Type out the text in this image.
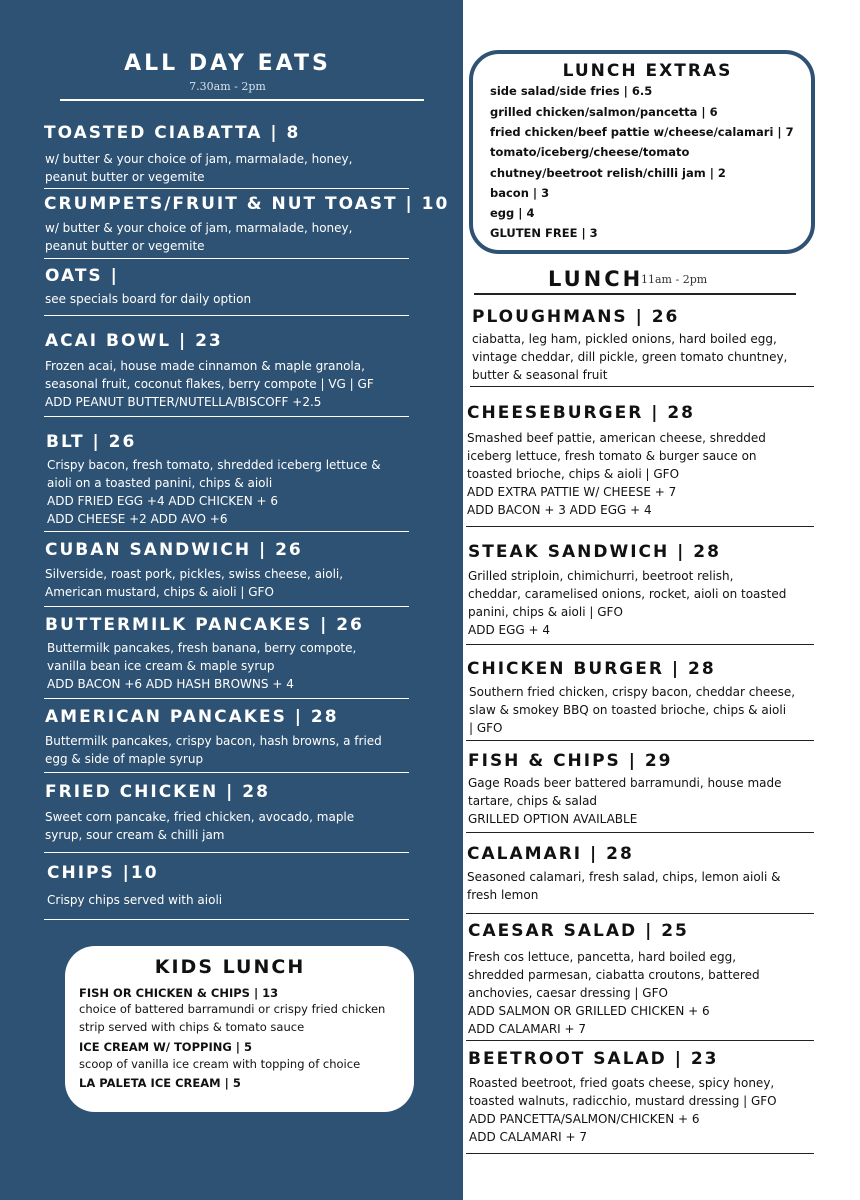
ALL DAY EATS
7.30am - 2pm
TOASTED CIABATTA | 8
w/ butter & your choice of jam, marmalade, honey,
peanut butter or vegemite
CRUMPETS/FRUIT & NUT TOAST | 10
w/ butter & your choice of jam, marmalade, honey,
peanut butter or vegemite
OATS |
see specials board for daily option
ACAI BOWL | 23
Frozen acai, house made cinnamon & maple granola,
seasonal fruit, coconut flakes, berry compote | VG | GF
ADD PEANUT BUTTER/NUTELLA/BISCOFF +2.5
BLT | 26
Crispy bacon, fresh tomato, shredded iceberg lettuce &
aioli on a toasted panini, chips & aioli
ADD FRIED EGG +4 ADD CHICKEN + 6
ADD CHEESE +2 ADD AVO +6
CUBAN SANDWICH | 26
Silverside, roast pork, pickles, swiss cheese, aioli,
American mustard, chips & aioli | GFO
BUTTERMILK PANCAKES | 26
Buttermilk pancakes, fresh banana, berry compote,
vanilla bean ice cream & maple syrup
ADD BACON +6 ADD HASH BROWNS + 4
AMERICAN PANCAKES | 28
Buttermilk pancakes, crispy bacon, hash browns, a fried
egg & side of maple syrup
FRIED CHICKEN | 28
Sweet corn pancake, fried chicken, avocado, maple
syrup, sour cream & chilli jam
CHIPS |10
Crispy chips served with aioli
KIDS LUNCH
FISH OR CHICKEN & CHIPS | 13
choice of battered barramundi or crispy fried chicken
strip served with chips & tomato sauce
ICE CREAM W/ TOPPING | 5
scoop of vanilla ice cream with topping of choice
LA PALETA ICE CREAM | 5
LUNCH EXTRAS
side salad/side fries | 6.5
grilled chicken/salmon/pancetta | 6
fried chicken/beef pattie w/cheese/calamari | 7
tomato/iceberg/cheese/tomato
chutney/beetroot relish/chilli jam | 2
bacon | 3
egg | 4
GLUTEN FREE | 3
LUNCH
11am - 2pm
PLOUGHMANS | 26
ciabatta, leg ham, pickled onions, hard boiled egg,
vintage cheddar, dill pickle, green tomato chuntney,
butter & seasonal fruit
CHEESEBURGER | 28
Smashed beef pattie, american cheese, shredded
iceberg lettuce, fresh tomato & burger sauce on
toasted brioche, chips & aioli | GFO
ADD EXTRA PATTIE W/ CHEESE + 7
ADD BACON + 3 ADD EGG + 4
STEAK SANDWICH | 28
Grilled striploin, chimichurri, beetroot relish,
cheddar, caramelised onions, rocket, aioli on toasted
panini, chips & aioli | GFO
ADD EGG + 4
CHICKEN BURGER | 28
Southern fried chicken, crispy bacon, cheddar cheese,
slaw & smokey BBQ on toasted brioche, chips & aioli
| GFO
FISH & CHIPS | 29
Gage Roads beer battered barramundi, house made
tartare, chips & salad
GRILLED OPTION AVAILABLE
CALAMARI | 28
Seasoned calamari, fresh salad, chips, lemon aioli &
fresh lemon
CAESAR SALAD | 25
Fresh cos lettuce, pancetta, hard boiled egg,
shredded parmesan, ciabatta croutons, battered
anchovies, caesar dressing | GFO
ADD SALMON OR GRILLED CHICKEN + 6
ADD CALAMARI + 7
BEETROOT SALAD | 23
Roasted beetroot, fried goats cheese, spicy honey,
toasted walnuts, radicchio, mustard dressing | GFO
ADD PANCETTA/SALMON/CHICKEN + 6
ADD CALAMARI + 7
